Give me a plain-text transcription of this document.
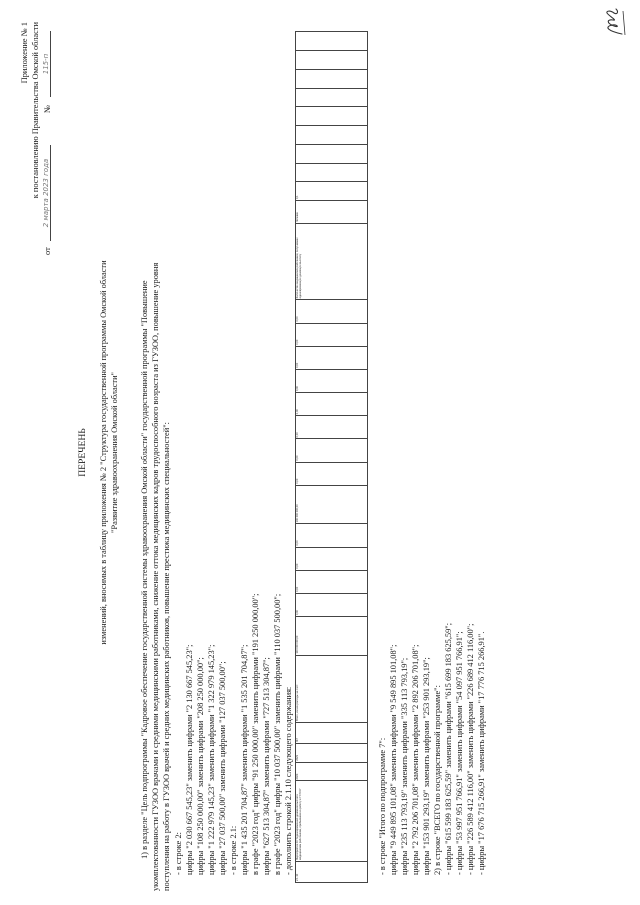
Приложение № 1 к постановлению Правительства Омской области
от
2 марта 2023 года
№
115-п
ПЕРЕЧЕНЬ изменений, вносимых в таблицу приложения № 2 "Структура государственной программы Омской области "Развитие здравоохранения Омской области"	1) в разделе "Цель подпрограммы "Кадровое обеспечение государственной системы здравоохранения Омской области" государственной программы "Повышение укомплектованности ГУЗОО врачами и средними медицинскими работниками, снижение оттока медицинских кадров трудоспособного возраста из ГУЗОО, повышение уровня поступления на работу в ГУЗОО врачей и средних медицинских работников, повышение престижа медицинских специальностей": - в строке 2: цифры "2 030 667 545,23" заменить цифрами "2 130 667 545,23"; цифры "108 250 000,00" заменить цифрами "208 250 000,00"; цифры "1 222 979 145,23" заменить цифрами "1 322 979 145,23"; цифры "27 037 500,00" заменить цифрами "127 037 500,00"; - в строке 2.1: цифры "1 435 201 704,87" заменить цифрами "1 535 201 704,87"; в графе "2023 год" цифры "91 250 000,00" заменить цифрами "191 250 000,00"; цифры "627 513 304,87" заменить цифрами "727 513 304,87"; в графе "2023 год" цифры "10 037 500,00" заменить цифрами "110 037 500,00"; - дополнить строкой 2.1.10 следующего содержания:
2.1.10	Мероприятие 10 "Единовременная денежная выплата медицинским работникам, прибывшим на работу в ГУЗОО"	2023	2023	МЗ	Всего, из них расходы за счет:	100 000 000,00	0,00	0,00	0,00	0,00	100 000 000,00	0,00	0,00	0,00	0,00	0,00	0,00	0,00	0,00	Количество медицинских работников, получивших единовременную денежную выплату	Человек	0,1								
- в строке "Итого по подпрограмме 7": цифры "9 449 895 101,08" заменить цифрами "9 549 895 101,08"; цифры "235 113 793,19" заменить цифрами "335 113 793,19"; цифры "2 792 206 701,08" заменить цифрами "2 892 206 701,08"; цифры "153 901 293,19" заменить цифрами "253 901 293,19"; 2) в строке "ВСЕГО по государственной программе": - цифры "615 599 183 625,59" заменить цифрами "615 699 183 625,59"; - цифры "53 997 951 766,91" заменить цифрами "54 097 951 766,91"; - цифры "226 589 412 116,00" заменить цифрами "226 689 412 116,00"; - цифры "17 676 715 266,91" заменить цифрами "17 776 715 266,91".
